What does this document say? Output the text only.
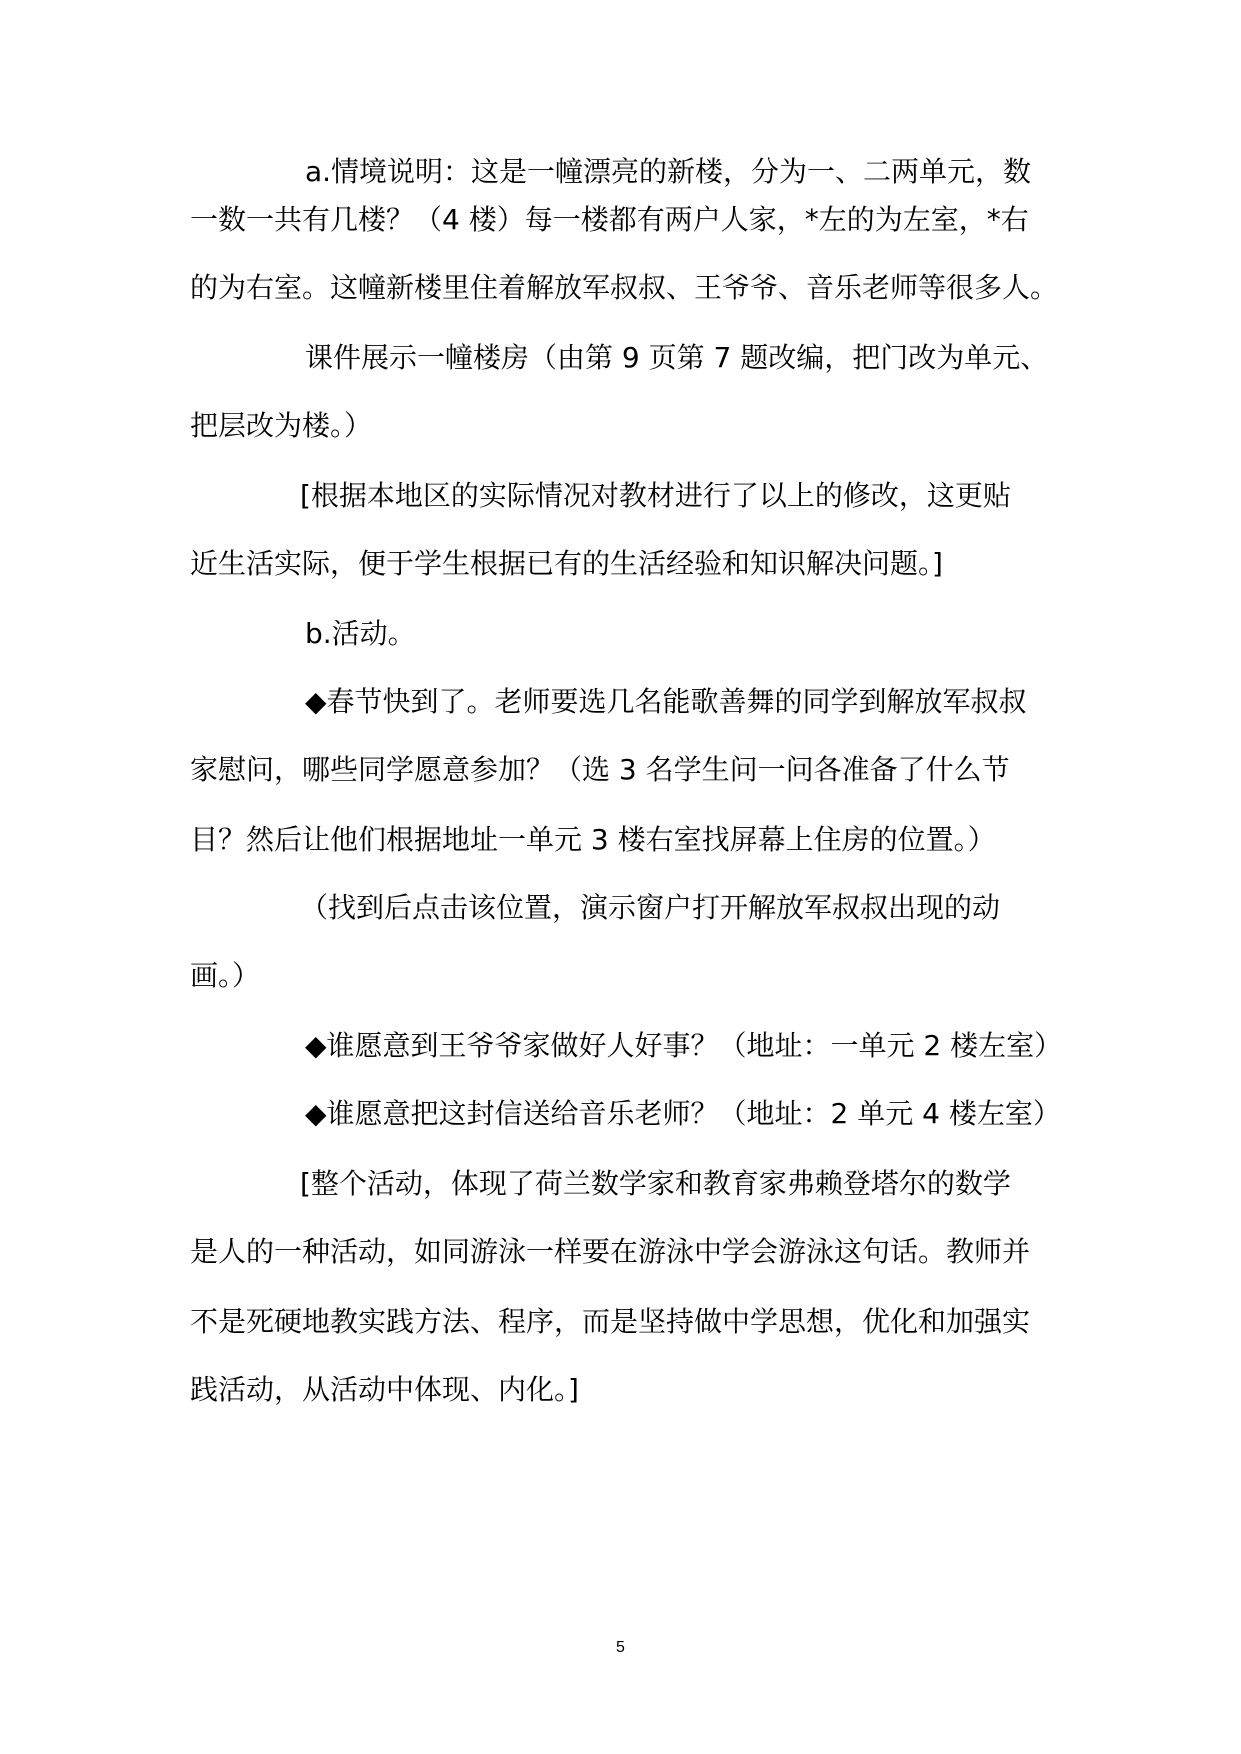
a.情境说明：这是一幢漂亮的新楼，分为一、二两单元，数
一数一共有几楼？（4 楼）每一楼都有两户人家，*左的为左室，*右
的为右室。这幢新楼里住着解放军叔叔、王爷爷、音乐老师等很多人。
课件展示一幢楼房（由第 9 页第 7 题改编，把门改为单元、
把层改为楼。）
[根据本地区的实际情况对教材进行了以上的修改，这更贴
近生活实际，便于学生根据已有的生活经验和知识解决问题。]
b.活动。
◆春节快到了。老师要选几名能歌善舞的同学到解放军叔叔
家慰问，哪些同学愿意参加？（选 3 名学生问一问各准备了什么节
目？然后让他们根据地址一单元 3 楼右室找屏幕上住房的位置。）
（找到后点击该位置，演示窗户打开解放军叔叔出现的动
画。）
◆谁愿意到王爷爷家做好人好事？（地址：一单元 2 楼左室）
◆谁愿意把这封信送给音乐老师？（地址：2 单元 4 楼左室）
[整个活动，体现了荷兰数学家和教育家弗赖登塔尔的数学
是人的一种活动，如同游泳一样要在游泳中学会游泳这句话。教师并
不是死硬地教实践方法、程序，而是坚持做中学思想，优化和加强实
践活动，从活动中体现、内化。]
5
